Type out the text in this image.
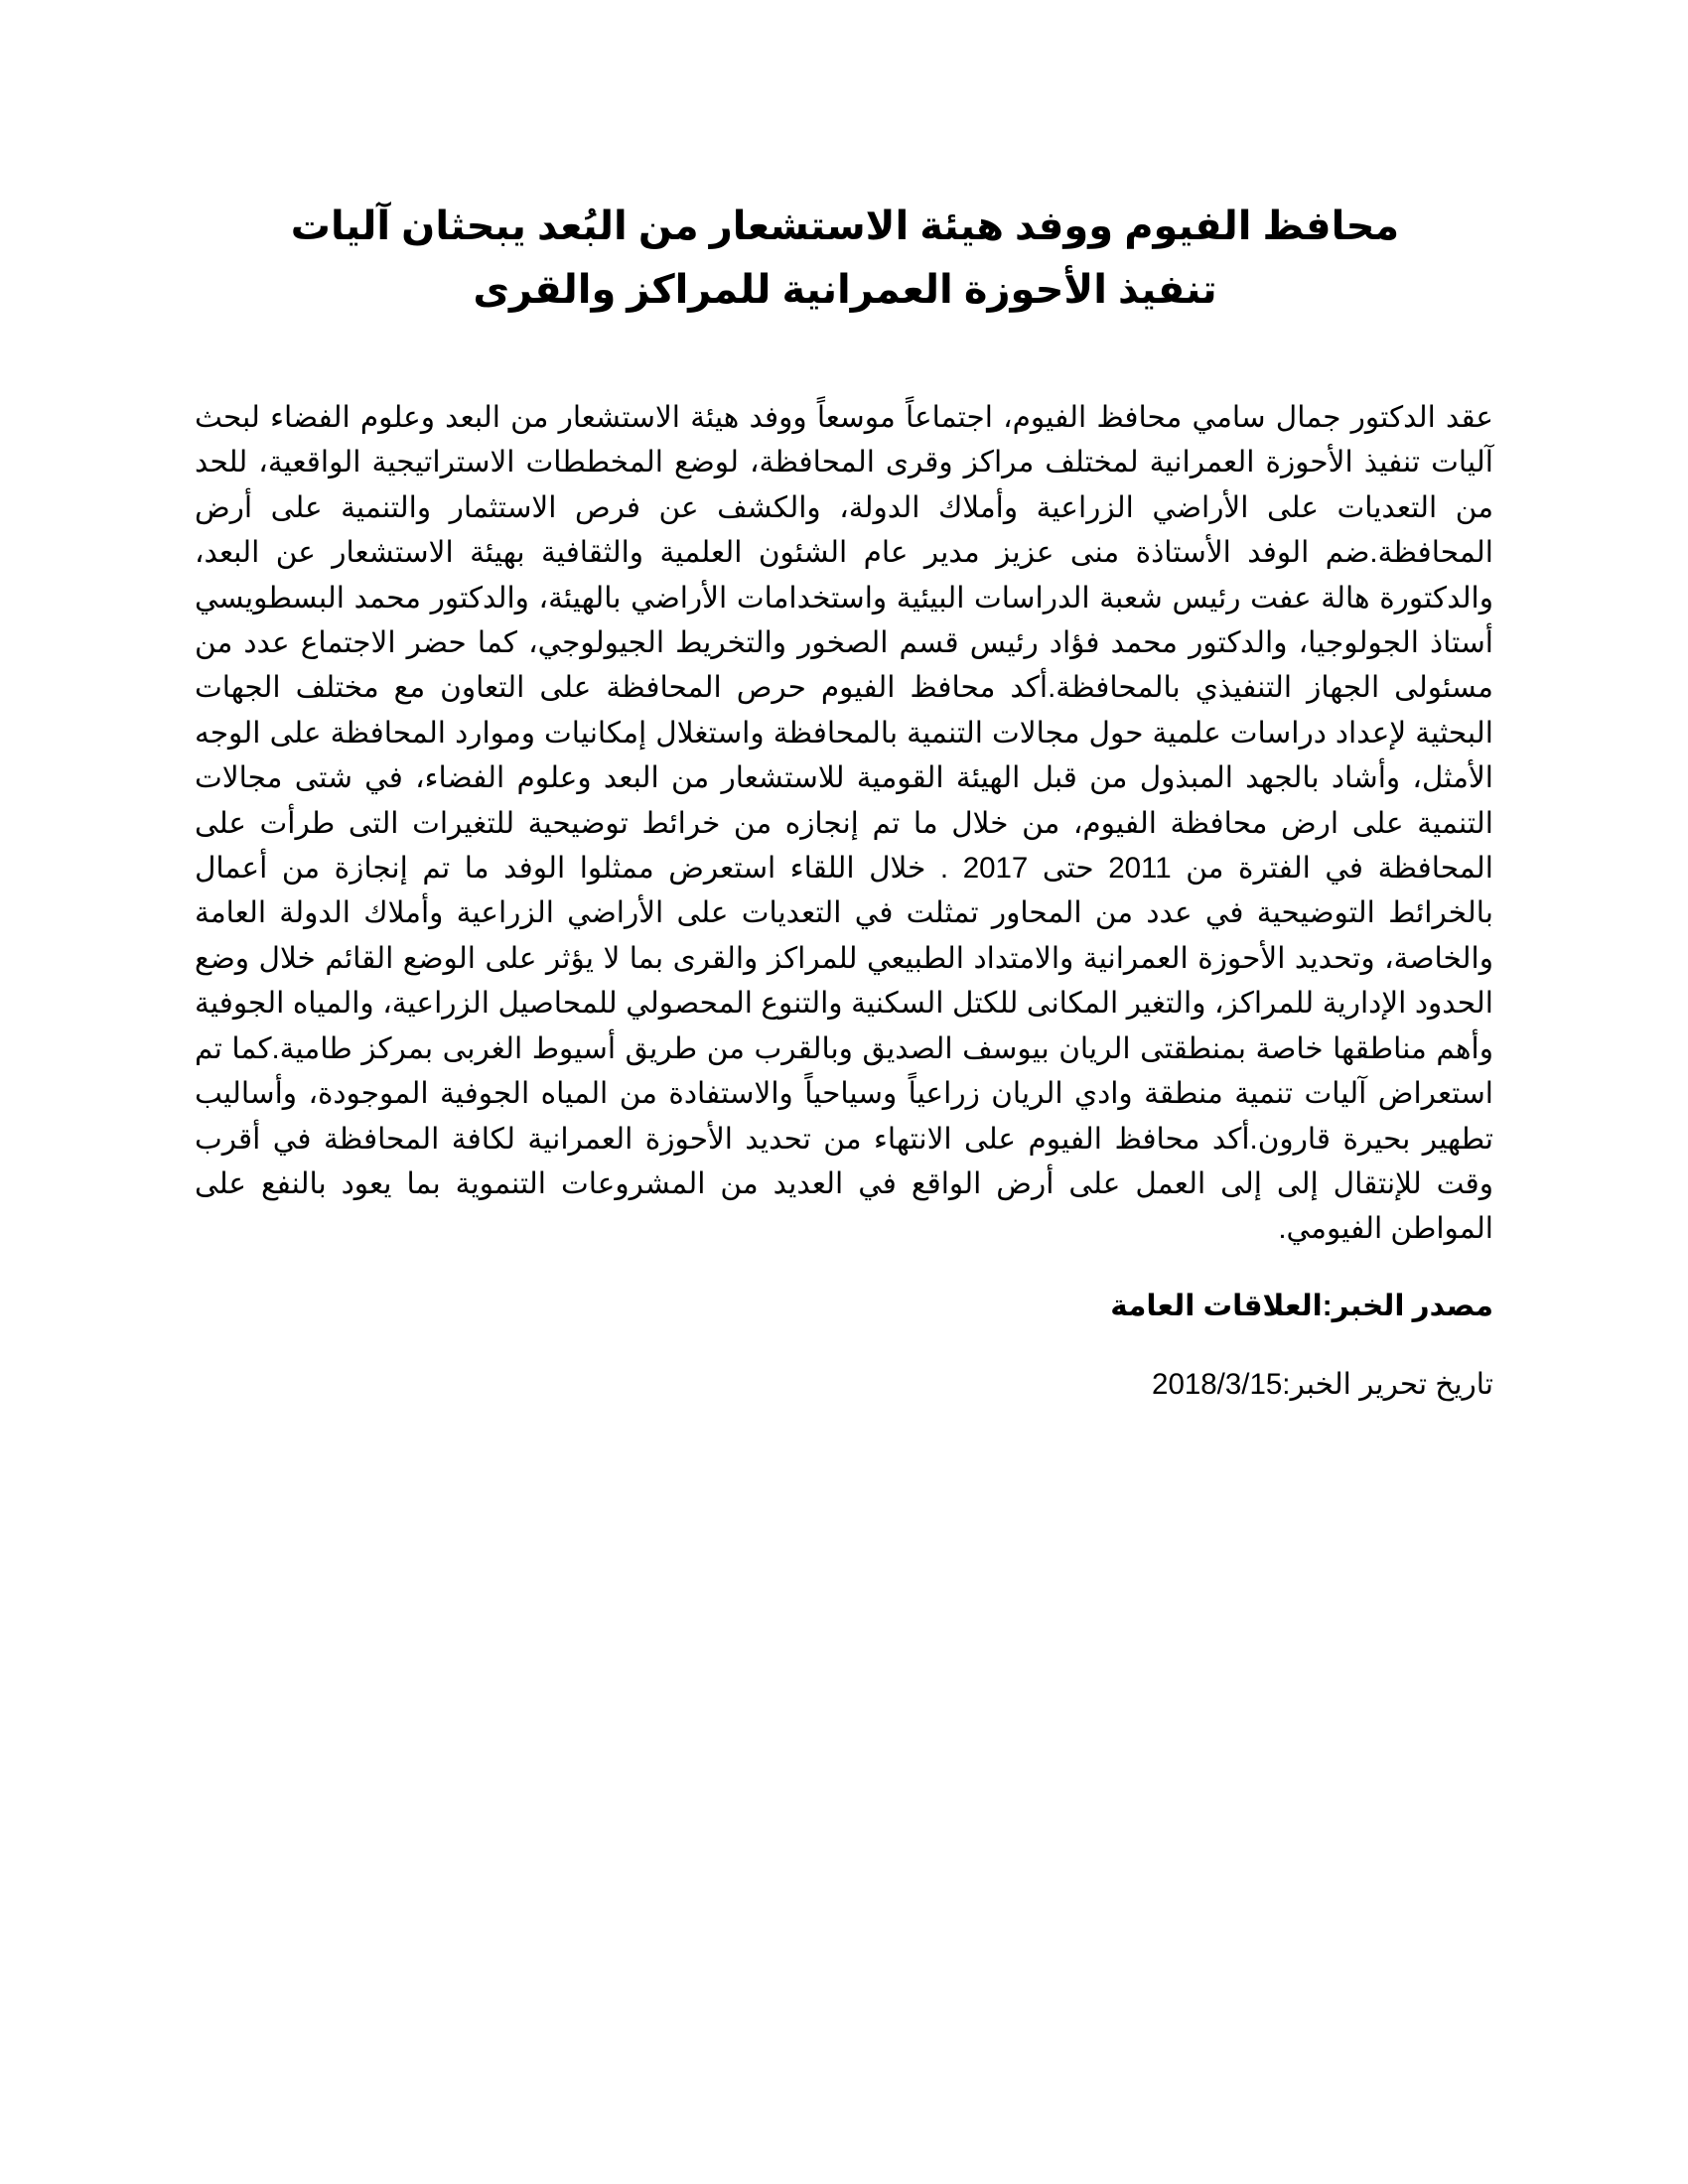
محافظ الفيوم ووفد هيئة الاستشعار من البُعد يبحثان آليات تنفيذ الأحوزة العمرانية للمراكز والقرى

عقد الدكتور جمال سامي محافظ الفيوم، اجتماعاً موسعاً ووفد هيئة الاستشعار من البعد وعلوم الفضاء لبحث آليات تنفيذ الأحوزة العمرانية لمختلف مراكز وقرى المحافظة، لوضع المخططات الاستراتيجية الواقعية، للحد من التعديات على الأراضي الزراعية وأملاك الدولة، والكشف عن فرص الاستثمار والتنمية على أرض المحافظة.ضم الوفد الأستاذة منى عزيز مدير عام الشئون العلمية والثقافية بهيئة الاستشعار عن البعد، والدكتورة هالة عفت رئيس شعبة الدراسات البيئية واستخدامات الأراضي بالهيئة، والدكتور محمد البسطويسي أستاذ الجولوجيا، والدكتور محمد فؤاد رئيس قسم الصخور والتخريط الجيولوجي، كما حضر الاجتماع عدد من مسئولى الجهاز التنفيذي بالمحافظة.أكد محافظ الفيوم حرص المحافظة على التعاون مع مختلف الجهات البحثية لإعداد دراسات علمية حول مجالات التنمية بالمحافظة واستغلال إمكانيات وموارد المحافظة على الوجه الأمثل، وأشاد بالجهد المبذول من قبل الهيئة القومية للاستشعار من البعد وعلوم الفضاء، في شتى مجالات التنمية على ارض محافظة الفيوم، من خلال ما تم إنجازه من خرائط توضيحية للتغيرات التى طرأت على المحافظة في الفترة من 2011 حتى 2017 . خلال اللقاء استعرض ممثلوا الوفد ما تم إنجازة من أعمال بالخرائط التوضيحية في عدد من المحاور تمثلت في التعديات على الأراضي الزراعية وأملاك الدولة العامة والخاصة، وتحديد الأحوزة العمرانية والامتداد الطبيعي للمراكز والقرى بما لا يؤثر على الوضع القائم خلال وضع الحدود الإدارية للمراكز، والتغير المكانى للكتل السكنية والتنوع المحصولي للمحاصيل الزراعية، والمياه الجوفية وأهم مناطقها خاصة بمنطقتى الريان بيوسف الصديق وبالقرب من طريق أسيوط الغربى بمركز طامية.كما تم استعراض آليات تنمية منطقة وادي الريان زراعياً وسياحياً والاستفادة من المياه الجوفية الموجودة، وأساليب تطهير بحيرة قارون.أكد محافظ الفيوم على الانتهاء من تحديد الأحوزة العمرانية لكافة المحافظة في أقرب وقت للإنتقال إلى إلى العمل على أرض الواقع في العديد من المشروعات التنموية بما يعود بالنفع على المواطن الفيومي.

مصدر الخبر:العلاقات العامة

تاريخ تحرير الخبر:2018/3/15
